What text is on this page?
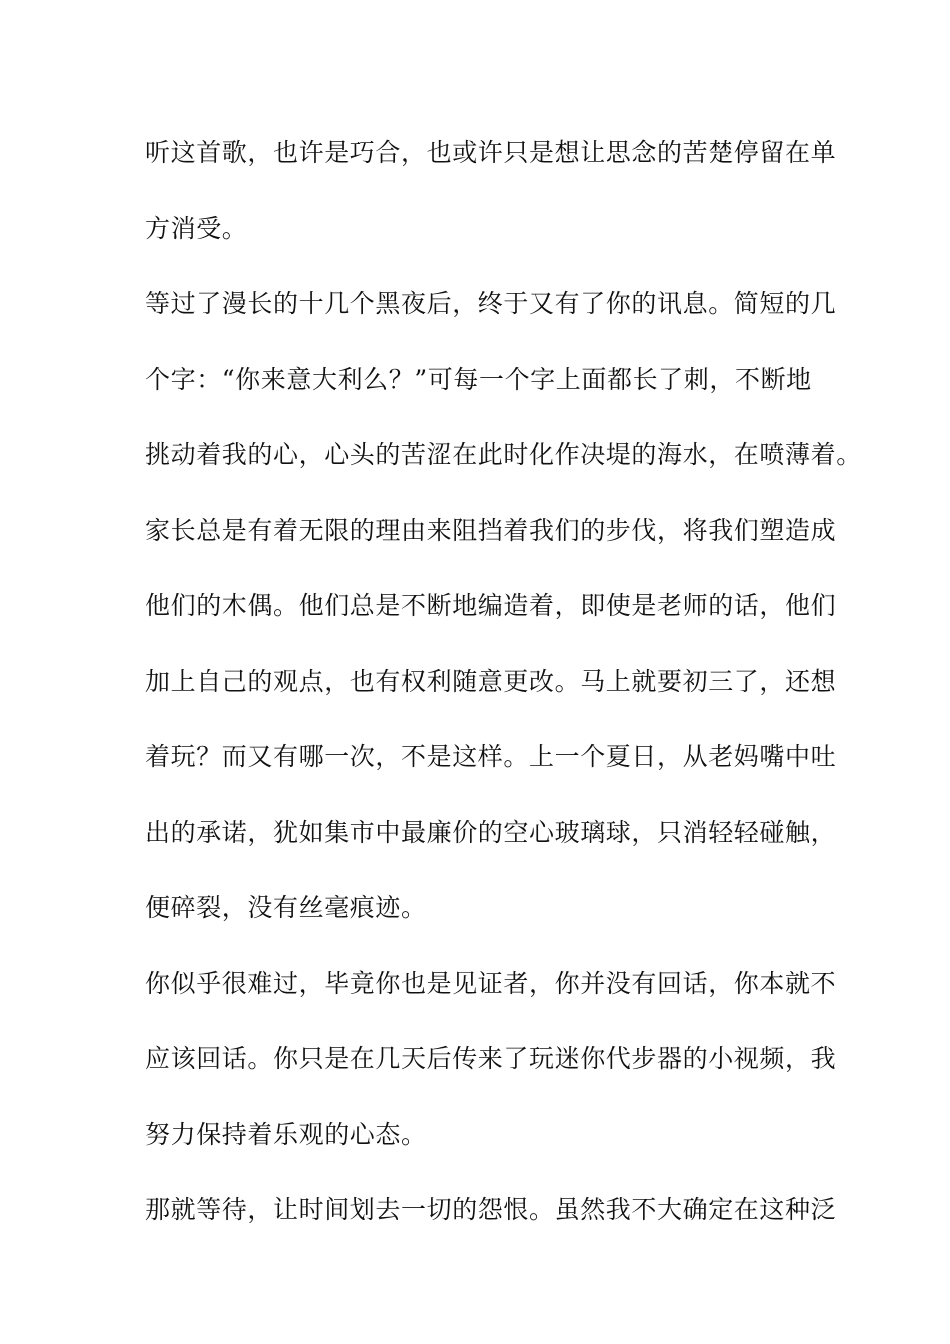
听这首歌，也许是巧合，也或许只是想让思念的苦楚停留在单
方消受。
等过了漫长的十几个黑夜后，终于又有了你的讯息。简短的几
个字：“你来意大利么？”可每一个字上面都长了刺，不断地
挑动着我的心，心头的苦涩在此时化作决堤的海水，在喷薄着。
家长总是有着无限的理由来阻挡着我们的步伐，将我们塑造成
他们的木偶。他们总是不断地编造着，即使是老师的话，他们
加上自己的观点，也有权利随意更改。马上就要初三了，还想
着玩？而又有哪一次，不是这样。上一个夏日，从老妈嘴中吐
出的承诺，犹如集市中最廉价的空心玻璃球，只消轻轻碰触，
便碎裂，没有丝毫痕迹。
你似乎很难过，毕竟你也是见证者，你并没有回话，你本就不
应该回话。你只是在几天后传来了玩迷你代步器的小视频，我
努力保持着乐观的心态。
那就等待，让时间划去一切的怨恨。虽然我不大确定在这种泛
